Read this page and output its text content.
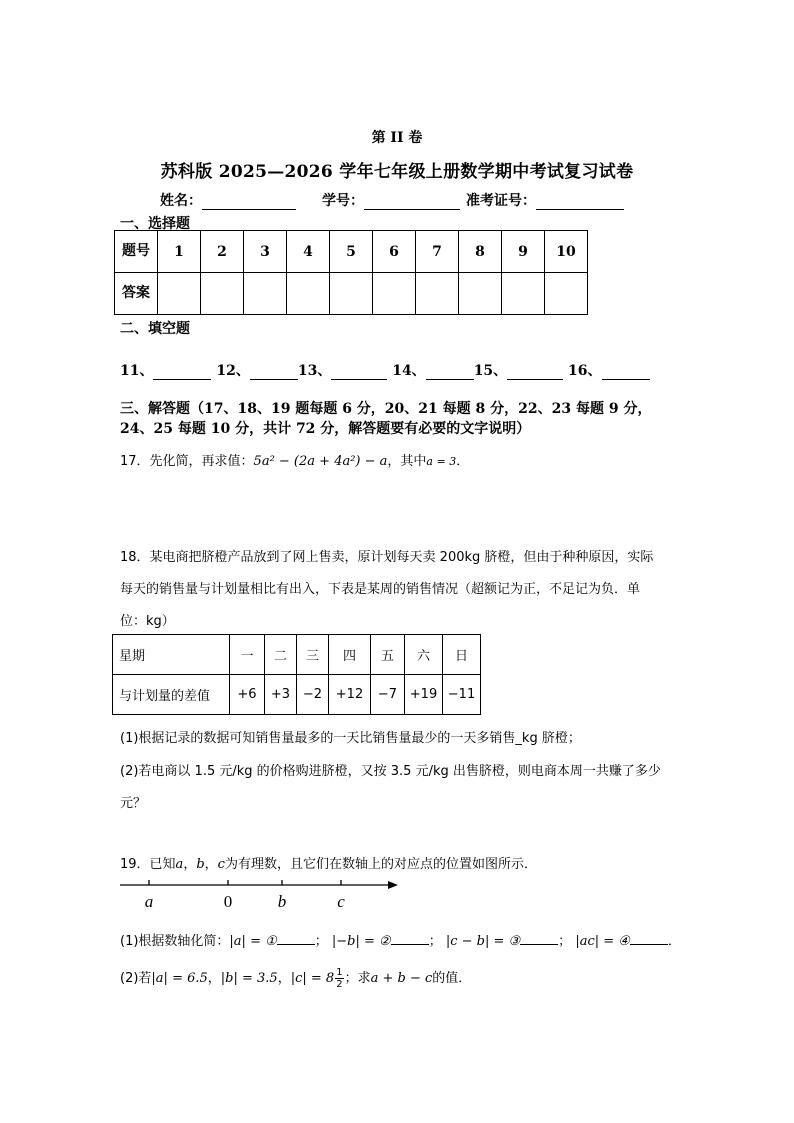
第 II 卷
苏科版 2025—2026 学年七年级上册数学期中考试复习试卷
姓名：	学号：	准考证号：
一、选择题
题号	1	2	3	4	5	6	7	8	9	10
答案										
二、填空题
11、	12、	13、	14、	15、	16、
三、解答题（17、18、19 题每题 6 分，20、21 每题 8 分，22、23 每题 9 分，
24、25 每题 10 分，共计 72 分，解答题要有必要的文字说明）
17．先化简，再求值：5a² − (2a + 4a²) − a，其中a = 3．
18．某电商把脐橙产品放到了网上售卖，原计划每天卖 200kg 脐橙，但由于种种原因，实际
每天的销售量与计划量相比有出入，下表是某周的销售情况（超额记为正，不足记为负．单
位：kg）
星期	一	二	三	四	五	六	日
与计划量的差值	+6	+3	−2	+12	−7	+19	−11
(1)根据记录的数据可知销售量最多的一天比销售量最少的一天多销售_kg 脐橙；
(2)若电商以 1.5 元/kg 的价格购进脐橙，又按 3.5 元/kg 出售脐橙，则电商本周一共赚了多少
元？
19．已知a，b，c为有理数，且它们在数轴上的对应点的位置如图所示．
a	0	b	c
(1)根据数轴化简：|a| = ①	； |−b| = ②	； |c − b| = ③	； |ac| = ④	．
(2)若|a| = 6.5，|b| = 3.5，$|c| = 8 \frac{1}{2}$ ；求a + b − c的值．
